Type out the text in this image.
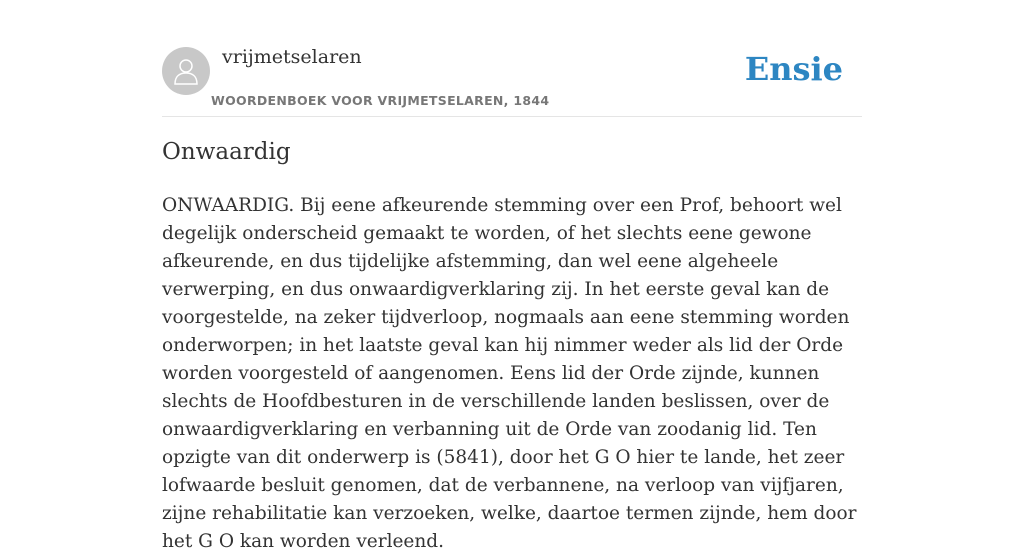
vrijmetselaren
WOORDENBOEK VOOR VRIJMETSELAREN, 1844
Ensie
Onwaardig

ONWAARDIG. Bij eene afkeurende stemming over een Prof, behoort wel degelijk onderscheid gemaakt te worden, of het slechts eene gewone afkeurende, en dus tijdelijke afstemming, dan wel eene algeheele verwerping, en dus onwaardigverklaring zij. In het eerste geval kan de voorgestelde, na zeker tijdverloop, nogmaals aan eene stemming worden onderworpen; in het laatste geval kan hij nimmer weder als lid der Orde worden voorgesteld of aangenomen. Eens lid der Orde zijnde, kunnen slechts de Hoofdbesturen in de verschillende landen beslissen, over de onwaardigverklaring en verbanning uit de Orde van zoodanig lid. Ten opzigte van dit onderwerp is (5841), door het G O hier te lande, het zeer lofwaarde besluit genomen, dat de verbannene, na verloop van vijfjaren, zijne rehabilitatie kan verzoeken, welke, daartoe termen zijnde, hem door het G O kan worden verleend.
